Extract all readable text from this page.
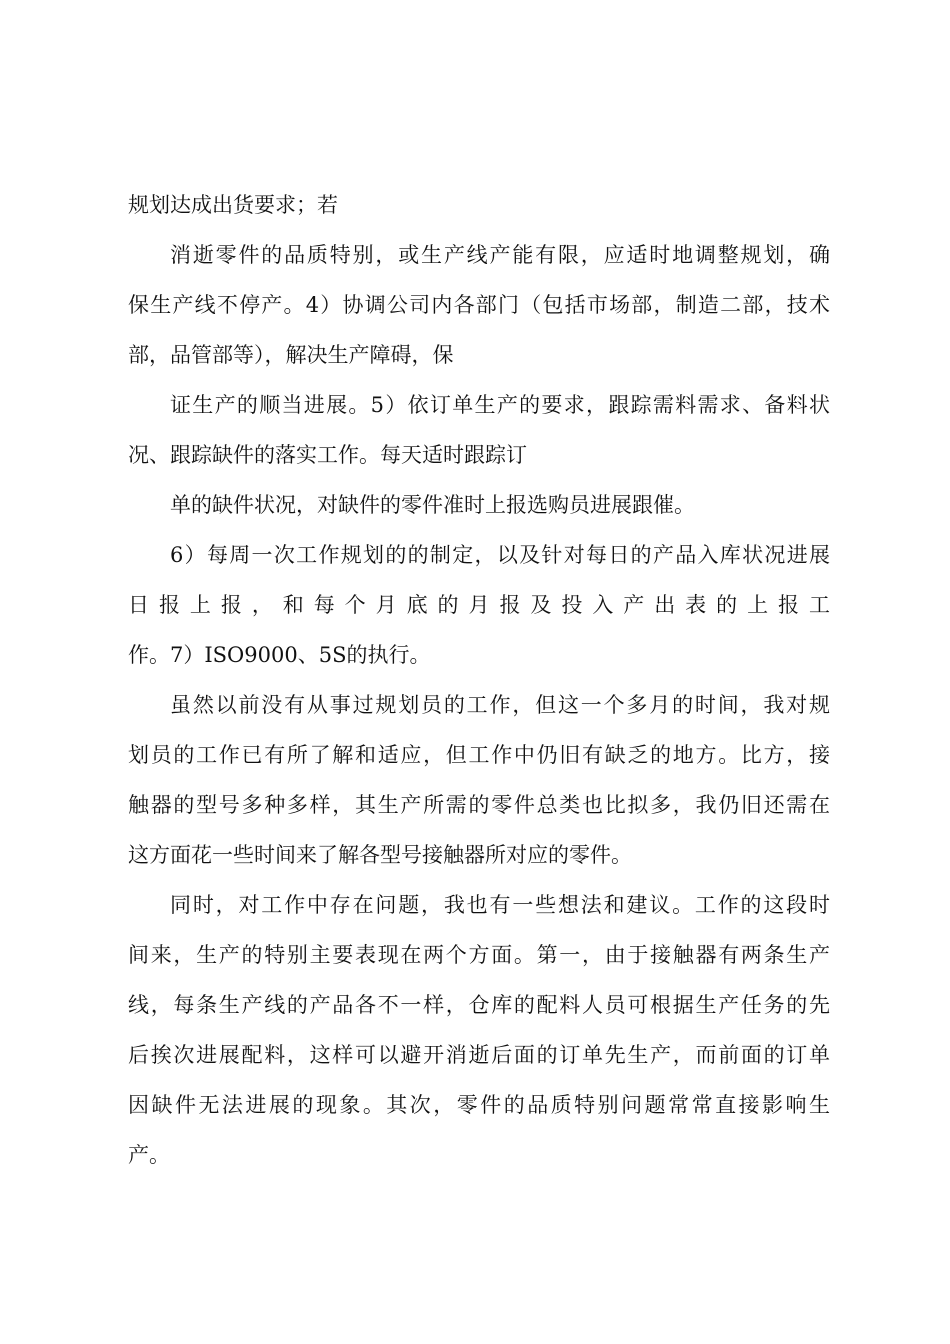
规划达成出货要求；若
消逝零件的品质特别，或生产线产能有限，应适时地调整规划，确
保生产线不停产。4）协调公司内各部门（包括市场部，制造二部，技术
部，品管部等），解决生产障碍，保
证生产的顺当进展。5）依订单生产的要求，跟踪需料需求、备料状
况、跟踪缺件的落实工作。每天适时跟踪订
单的缺件状况，对缺件的零件准时上报选购员进展跟催。
6）每周一次工作规划的的制定，以及针对每日的产品入库状况进展
日报上报，和每个月底的月报及投入产出表的上报工
作。7）ISO9000、5S的执行。
虽然以前没有从事过规划员的工作，但这一个多月的时间，我对规
划员的工作已有所了解和适应，但工作中仍旧有缺乏的地方。比方，接
触器的型号多种多样，其生产所需的零件总类也比拟多，我仍旧还需在
这方面花一些时间来了解各型号接触器所对应的零件。
同时，对工作中存在问题，我也有一些想法和建议。工作的这段时
间来，生产的特别主要表现在两个方面。第一，由于接触器有两条生产
线，每条生产线的产品各不一样，仓库的配料人员可根据生产任务的先
后挨次进展配料，这样可以避开消逝后面的订单先生产，而前面的订单
因缺件无法进展的现象。其次，零件的品质特别问题常常直接影响生
产。
